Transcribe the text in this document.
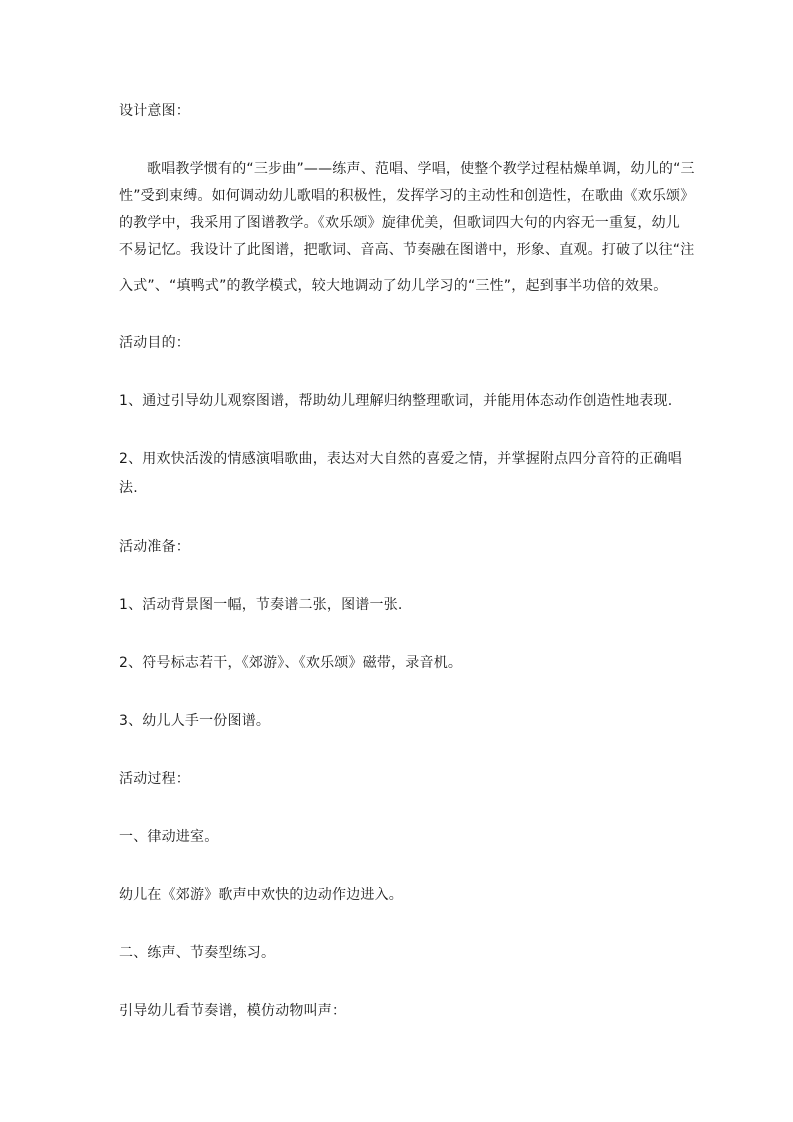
设计意图：
歌唱教学惯有的“三步曲”——练声、范唱、学唱，使整个教学过程枯燥单调，幼儿的“三
性”受到束缚。如何调动幼儿歌唱的积极性，发挥学习的主动性和创造性，在歌曲《欢乐颂》
的教学中，我采用了图谱教学。《欢乐颂》旋律优美，但歌词四大句的内容无一重复，幼儿
不易记忆。我设计了此图谱，把歌词、音高、节奏融在图谱中，形象、直观。打破了以往“注
入式”、“填鸭式”的教学模式，较大地调动了幼儿学习的“三性”，起到事半功倍的效果。
活动目的：
1、通过引导幼儿观察图谱，帮助幼儿理解归纳整理歌词，并能用体态动作创造性地表现.
2、用欢快活泼的情感演唱歌曲，表达对大自然的喜爱之情，并掌握附点四分音符的正确唱
法.
活动准备：
1、活动背景图一幅，节奏谱二张，图谱一张.
2、符号标志若干，《郊游》、《欢乐颂》磁带，录音机。
3、幼儿人手一份图谱。
活动过程：
一、律动进室。
幼儿在《郊游》歌声中欢快的边动作边进入。
二、练声、节奏型练习。
引导幼儿看节奏谱，模仿动物叫声：
